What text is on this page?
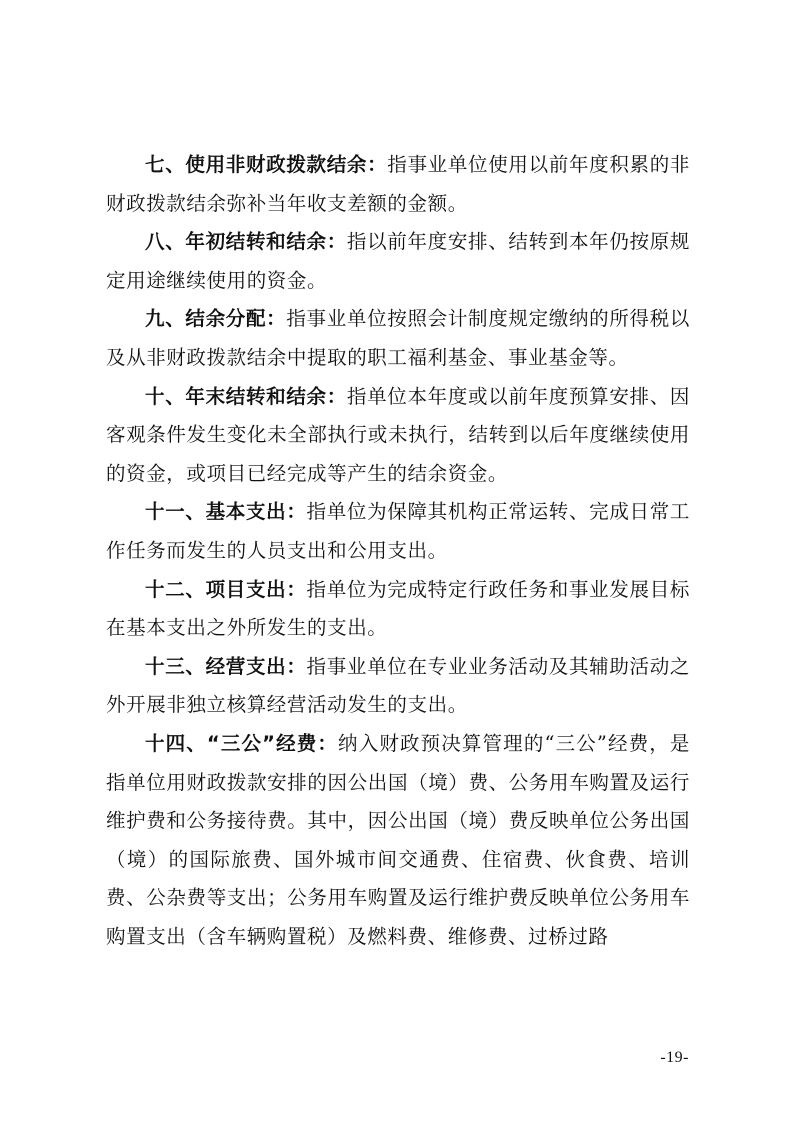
七、使用非财政拨款结余：指事业单位使用以前年度积累的非财政拨款结余弥补当年收支差额的金额。

八、年初结转和结余：指以前年度安排、结转到本年仍按原规定用途继续使用的资金。

九、结余分配：指事业单位按照会计制度规定缴纳的所得税以及从非财政拨款结余中提取的职工福利基金、事业基金等。

十、年末结转和结余：指单位本年度或以前年度预算安排、因客观条件发生变化未全部执行或未执行，结转到以后年度继续使用的资金，或项目已经完成等产生的结余资金。

十一、基本支出：指单位为保障其机构正常运转、完成日常工作任务而发生的人员支出和公用支出。

十二、项目支出：指单位为完成特定行政任务和事业发展目标在基本支出之外所发生的支出。

十三、经营支出：指事业单位在专业业务活动及其辅助活动之外开展非独立核算经营活动发生的支出。

十四、“三公”经费：纳入财政预决算管理的“三公”经费，是指单位用财政拨款安排的因公出国（境）费、公务用车购置及运行维护费和公务接待费。其中，因公出国（境）费反映单位公务出国（境）的国际旅费、国外城市间交通费、住宿费、伙食费、培训费、公杂费等支出；公务用车购置及运行维护费反映单位公务用车购置支出（含车辆购置税）及燃料费、维修费、过桥过路

-19-
